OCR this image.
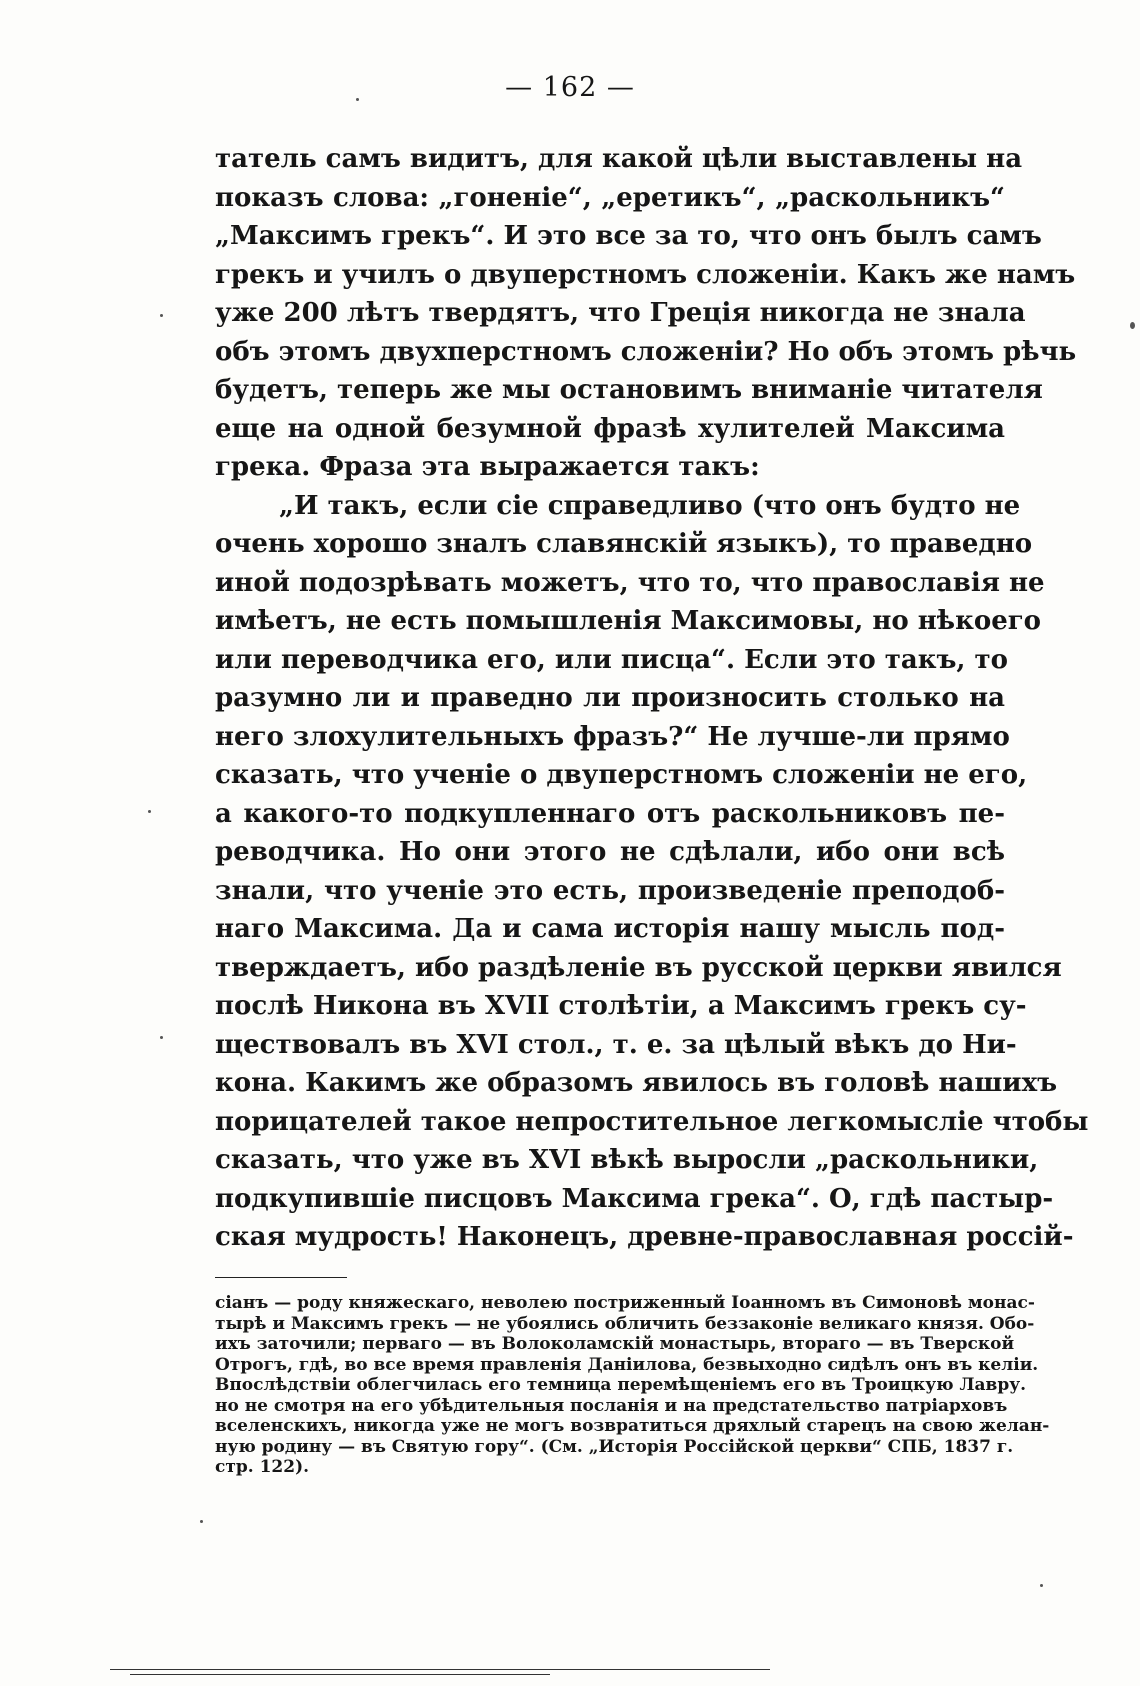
— 162 —
татель самъ видитъ, для какой цѣли выставлены на
показъ слова: „гоненіе“, „еретикъ“, „раскольникъ“
„Максимъ грекъ“. И это все за то, что онъ былъ самъ
грекъ и училъ о двуперстномъ сложеніи. Какъ же намъ
уже 200 лѣтъ твердятъ, что Греція никогда не знала
объ этомъ двухперстномъ сложеніи? Но объ этомъ рѣчь
будетъ, теперь же мы остановимъ вниманіе читателя
еще на одной безумной фразѣ хулителей Максима
грека. Фраза эта выражается такъ:
„И такъ, если сіе справедливо (что онъ будто не
очень хорошо зналъ славянскій языкъ), то праведно
иной подозрѣвать можетъ, что то, что православія не
имѣетъ, не есть помышленія Максимовы, но нѣкоего
или переводчика его, или писца“. Если это такъ, то
разумно ли и праведно ли произносить столько на
него злохулительныхъ фразъ?“ Не лучше-ли прямо
сказать, что ученіе о двуперстномъ сложеніи не его,
а какого-то подкупленнаго отъ раскольниковъ пе-
реводчика. Но они этого не сдѣлали, ибо они всѣ
знали, что ученіе это есть, произведеніе преподоб-
наго Максима. Да и сама исторія нашу мысль под-
тверждаетъ, ибо раздѣленіе въ русской церкви явился
послѣ Никона въ XVII столѣтіи, а Максимъ грекъ су-
ществовалъ въ XVI стол., т. е. за цѣлый вѣкъ до Ни-
кона. Какимъ же образомъ явилось въ головѣ нашихъ
порицателей такое непростительное легкомысліе чтобы
сказать, что уже въ XVI вѣкѣ выросли „раскольники,
подкупившіе писцовъ Максима грека“. О, гдѣ пастыр-
ская мудрость! Наконецъ, древне-православная россій-
сіанъ — роду княжескаго, неволею постриженный Іоанномъ въ Симоновѣ монас-
тырѣ и Максимъ грекъ — не убоялись обличить беззаконіе великаго князя. Обо-
ихъ заточили; перваго — въ Волоколамскій монастырь, втораго — въ Тверской
Отрогъ, гдѣ, во все время правленія Даніилова, безвыходно сидѣлъ онъ въ келіи.
Впослѣдствіи облегчилась его темница перемѣщеніемъ его въ Троицкую Лавру.
но не смотря на его убѣдительныя посланія и на предстательство патріарховъ
вселенскихъ, никогда уже не могъ возвратиться дряхлый старецъ на свою желан-
ную родину — въ Святую гору“. (См. „Исторія Россійской церкви“ СПБ, 1837 г.
стр. 122).
